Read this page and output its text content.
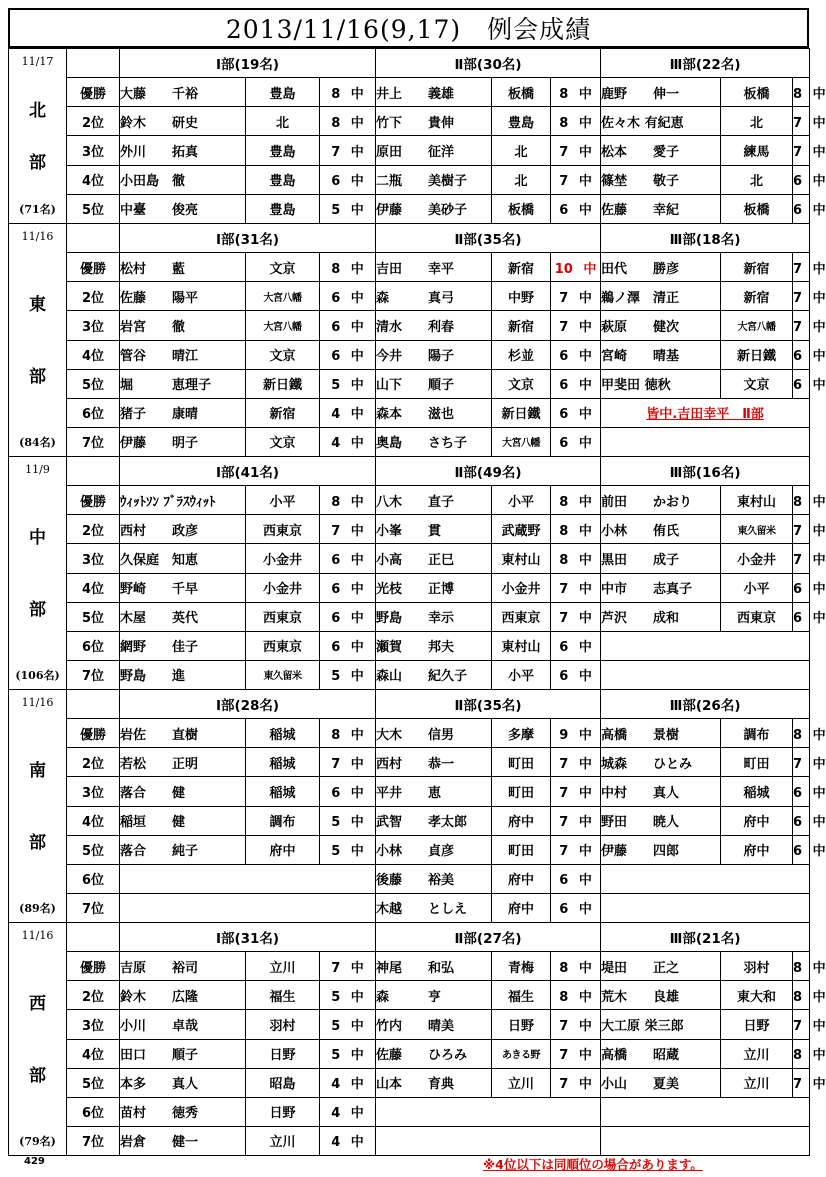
2013/11/16(9,17)　例会成績
11/17
北
部
(71名)		Ⅰ部(19名)			Ⅱ部(30名)			Ⅲ部(22名)		
	優勝	大藤　　千裕	豊島	8 中	井上　　義雄	板橋	8 中	鹿野　　伸一	板橋	8 中
	2位	鈴木　　研史	北	8 中	竹下　　貴伸	豊島	8 中	佐々木 有紀恵	北	7 中
	3位	外川　　拓真	豊島	7 中	原田　　征洋	北	7 中	松本　　愛子	練馬	7 中
	4位	小田島　徹	豊島	6 中	二瓶　　美樹子	北	7 中	篠埜　　敬子	北	6 中
	5位	中臺　　俊亮	豊島	5 中	伊藤　　美砂子	板橋	6 中	佐藤　　幸紀	板橋	6 中

11/16
東
部
(84名)		Ⅰ部(31名)			Ⅱ部(35名)			Ⅲ部(18名)		
	優勝	松村　　藍	文京	8 中	吉田　　幸平	新宿	10 中	田代　　勝彦	新宿	7 中
	2位	佐藤　　陽平	大宮八幡	6 中	森　　　真弓	中野	7 中	鵜ノ澤　清正	新宿	7 中
	3位	岩宮　　徹	大宮八幡	6 中	清水　　利春	新宿	7 中	萩原　　健次	大宮八幡	7 中
	4位	管谷　　晴江	文京	6 中	今井　　陽子	杉並	6 中	宮崎　　晴基	新日鐵	6 中
	5位	堀　　　恵理子	新日鐵	5 中	山下　　順子	文京	6 中	甲斐田 徳秋	文京	6 中
	6位	猪子　　康晴	新宿	4 中	森本　　滋也	新日鐵	6 中	皆中.吉田幸平　Ⅱ部		
	7位	伊藤　　明子	文京	4 中	奥島　　さち子	大宮八幡	6 中			

11/9
中
部
(106名)		Ⅰ部(41名)			Ⅱ部(49名)			Ⅲ部(16名)		
	優勝	ｳｨｯﾄｿﾝ ﾌﾞﾗｽｳｨｯﾄ	小平	8 中	八木　　直子	小平	8 中	前田　　かおり	東村山	8 中
	2位	西村　　政彦	西東京	7 中	小峯　　貫	武蔵野	8 中	小林　　侑氏	東久留米	7 中
	3位	久保庭　知恵	小金井	6 中	小高　　正巳	東村山	8 中	黒田　　成子	小金井	7 中
	4位	野崎　　千早	小金井	6 中	光枝　　正博	小金井	7 中	中市　　志真子	小平	6 中
	5位	木屋　　英代	西東京	6 中	野島　　幸示	西東京	7 中	芦沢　　成和	西東京	6 中
	6位	網野　　佳子	西東京	6 中	瀬賀　　邦夫	東村山	6 中			
	7位	野島　　進	東久留米	5 中	森山　　紀久子	小平	6 中			

11/16
南
部
(89名)		Ⅰ部(28名)			Ⅱ部(35名)			Ⅲ部(26名)		
	優勝	岩佐　　直樹	稲城	8 中	大木　　信男	多摩	9 中	高橋　　景樹	調布	8 中
	2位	若松　　正明	稲城	7 中	西村　　恭一	町田	7 中	城森　　ひとみ	町田	7 中
	3位	落合　　健	稲城	6 中	平井　　恵	町田	7 中	中村　　真人	稲城	6 中
	4位	稲垣　　健	調布	5 中	武智　　孝太郎	府中	7 中	野田　　暁人	府中	6 中
	5位	落合　　純子	府中	5 中	小林　　貞彦	町田	7 中	伊藤　　四郎	府中	6 中
	6位				後藤　　裕美	府中	6 中			
	7位				木越　　としえ	府中	6 中			

11/16
西
部
(79名)		Ⅰ部(31名)			Ⅱ部(27名)			Ⅲ部(21名)		
	優勝	吉原　　裕司	立川	7 中	神尾　　和弘	青梅	8 中	堤田　　正之	羽村	8 中
	2位	鈴木　　広隆	福生	5 中	森　　　亨	福生	8 中	荒木　　良雄	東大和	8 中
	3位	小川　　卓哉	羽村	5 中	竹内　　晴美	日野	7 中	大工原 栄三郎	日野	7 中
	4位	田口　　順子	日野	5 中	佐藤　　ひろみ	あきる野	7 中	高橋　　昭蔵	立川	8 中
	5位	本多　　真人	昭島	4 中	山本　　育典	立川	7 中	小山　　夏美	立川	7 中
	6位	苗村　　徳秀	日野	4 中						
	7位	岩倉　　健一	立川	4 中						
429	※4位以下は同順位の場合があります。
